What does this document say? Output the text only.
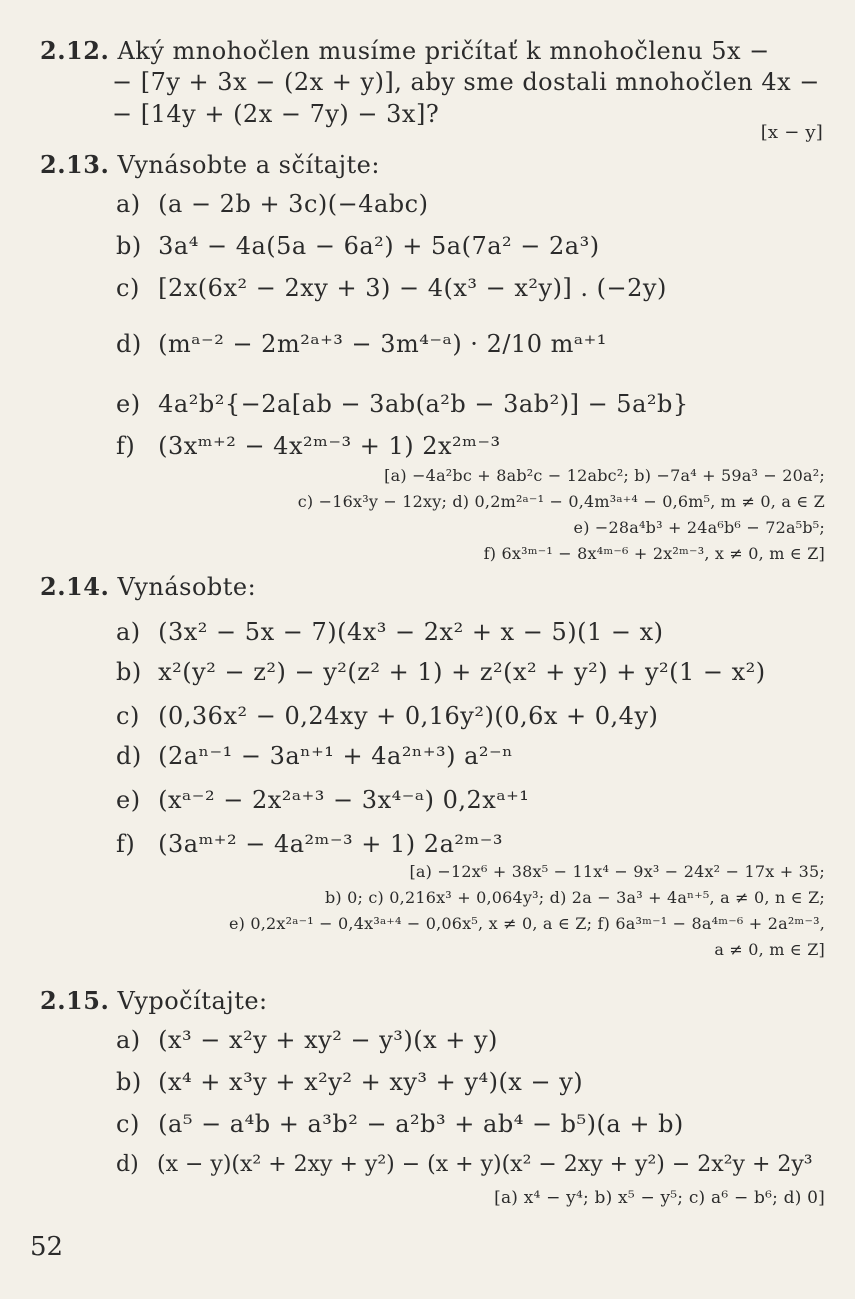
2.12. Aký mnohočlen musíme pričítať k mnohočlenu 5x −
− [7y + 3x − (2x + y)], aby sme dostali mnohočlen 4x −
− [14y + (2x − 7y) − 3x]?
[x − y]
2.13. Vynásobte a sčítajte:
a) (a − 2b + 3c)(−4abc)
b) 3a⁴ − 4a(5a − 6a²) + 5a(7a² − 2a³)
c) [2x(6x² − 2xy + 3) − 4(x³ − x²y)] . (−2y)
d) (mᵃ⁻² − 2m²ᵃ⁺³ − 3m⁴⁻ᵃ) · 2/10 mᵃ⁺¹
e) 4a²b²{−2a[ab − 3ab(a²b − 3ab²)] − 5a²b}
f) (3xᵐ⁺² − 4x²ᵐ⁻³ + 1) 2x²ᵐ⁻³
[a) −4a²bc + 8ab²c − 12abc²; b) −7a⁴ + 59a³ − 20a²;
c) −16x³y − 12xy; d) 0,2m²ᵃ⁻¹ − 0,4m³ᵃ⁺⁴ − 0,6m⁵, m ≠ 0, a ∈ Z
e) −28a⁴b³ + 24a⁶b⁶ − 72a⁵b⁵;
f) 6x³ᵐ⁻¹ − 8x⁴ᵐ⁻⁶ + 2x²ᵐ⁻³, x ≠ 0, m ∈ Z]
2.14. Vynásobte:
a) (3x² − 5x − 7)(4x³ − 2x² + x − 5)(1 − x)
b) x²(y² − z²) − y²(z² + 1) + z²(x² + y²) + y²(1 − x²)
c) (0,36x² − 0,24xy + 0,16y²)(0,6x + 0,4y)
d) (2aⁿ⁻¹ − 3aⁿ⁺¹ + 4a²ⁿ⁺³) a²⁻ⁿ
e) (xᵃ⁻² − 2x²ᵃ⁺³ − 3x⁴⁻ᵃ) 0,2xᵃ⁺¹
f) (3aᵐ⁺² − 4a²ᵐ⁻³ + 1) 2a²ᵐ⁻³
[a) −12x⁶ + 38x⁵ − 11x⁴ − 9x³ − 24x² − 17x + 35;
b) 0; c) 0,216x³ + 0,064y³; d) 2a − 3a³ + 4aⁿ⁺⁵, a ≠ 0, n ∈ Z;
e) 0,2x²ᵃ⁻¹ − 0,4x³ᵃ⁺⁴ − 0,06x⁵, x ≠ 0, a ∈ Z; f) 6a³ᵐ⁻¹ − 8a⁴ᵐ⁻⁶ + 2a²ᵐ⁻³,
a ≠ 0, m ∈ Z]
2.15. Vypočítajte:
a) (x³ − x²y + xy² − y³)(x + y)
b) (x⁴ + x³y + x²y² + xy³ + y⁴)(x − y)
c) (a⁵ − a⁴b + a³b² − a²b³ + ab⁴ − b⁵)(a + b)
d) (x − y)(x² + 2xy + y²) − (x + y)(x² − 2xy + y²) − 2x²y + 2y³
[a) x⁴ − y⁴; b) x⁵ − y⁵; c) a⁶ − b⁶; d) 0]
52
